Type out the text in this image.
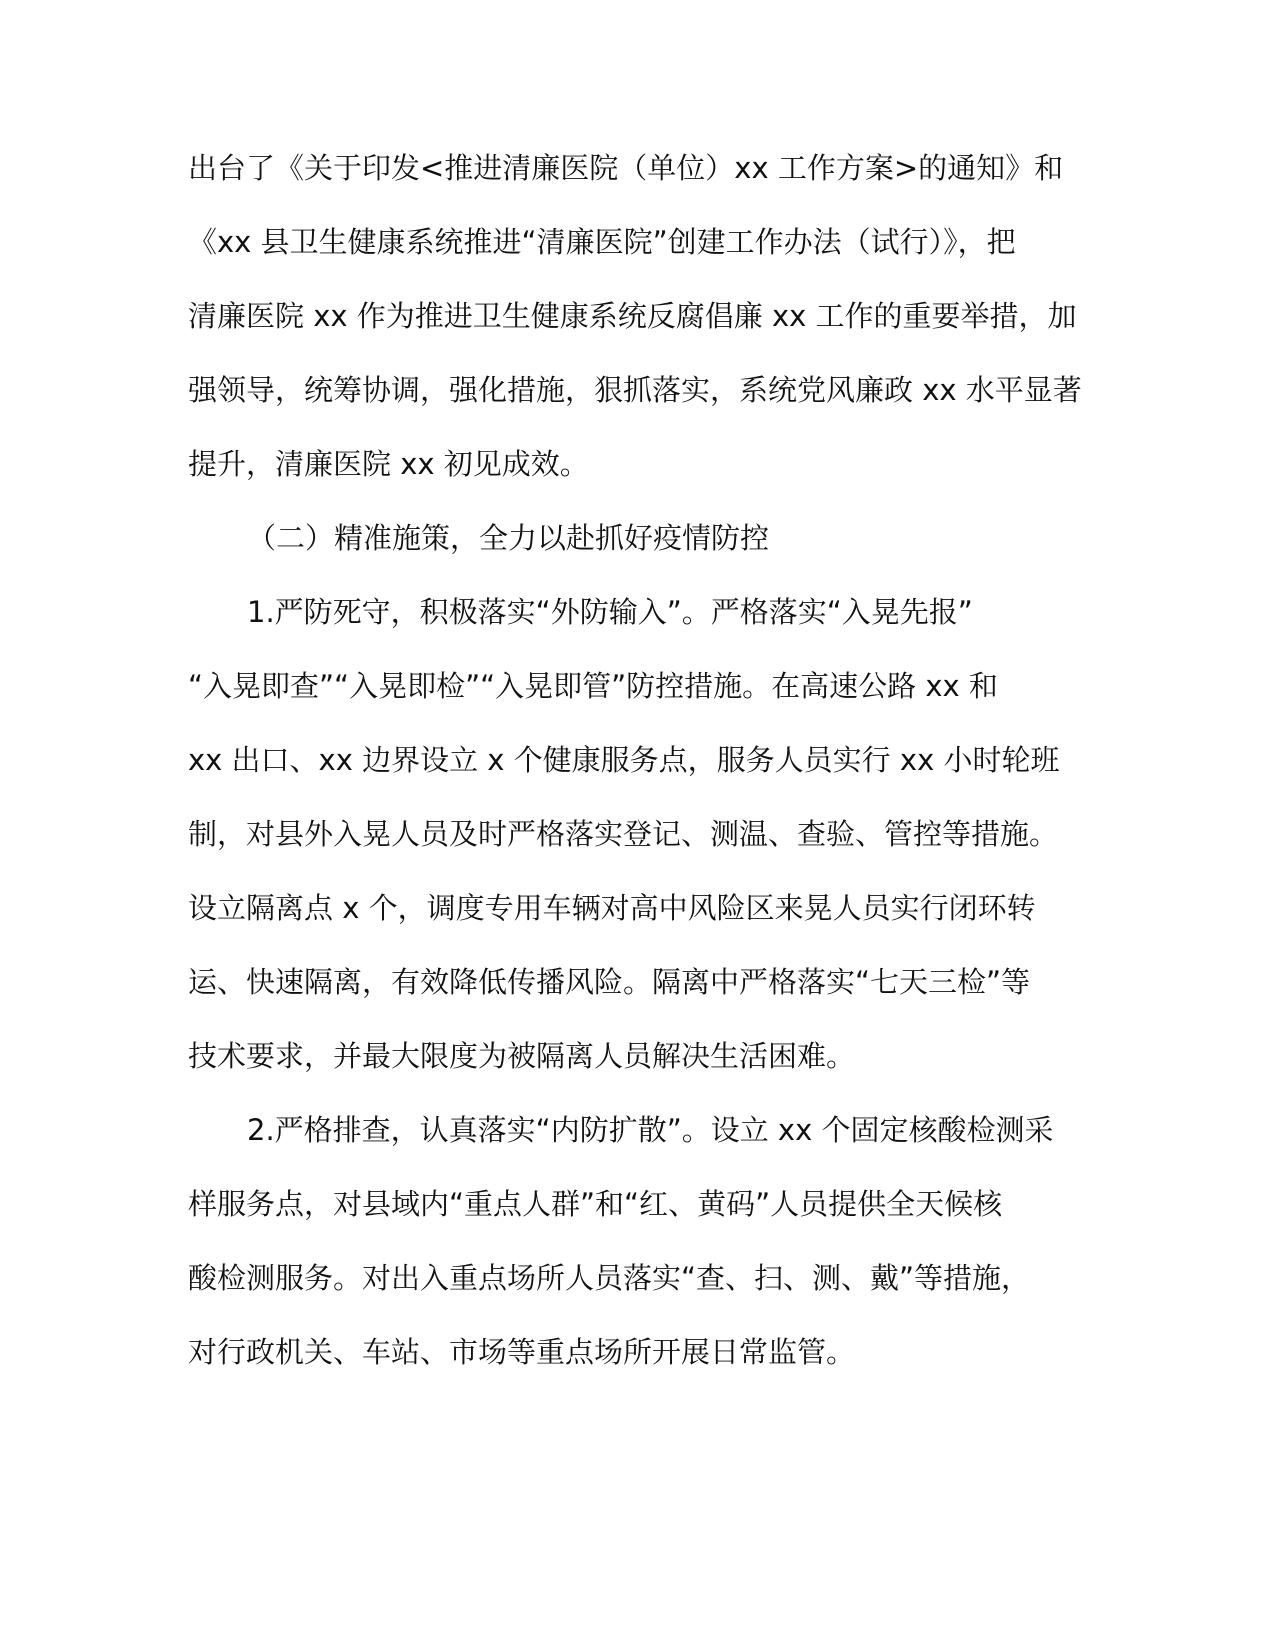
出台了《关于印发<推进清廉医院（单位）xx 工作方案>的通知》和
《xx 县卫生健康系统推进“清廉医院”创建工作办法（试行）》，把
清廉医院 xx 作为推进卫生健康系统反腐倡廉 xx 工作的重要举措，加
强领导，统筹协调，强化措施，狠抓落实，系统党风廉政 xx 水平显著
提升，清廉医院 xx 初见成效。
（二）精准施策，全力以赴抓好疫情防控
1.严防死守，积极落实“外防输入”。严格落实“入晃先报”
“入晃即查”“入晃即检”“入晃即管”防控措施。在高速公路 xx 和
xx 出口、xx 边界设立 x 个健康服务点，服务人员实行 xx 小时轮班
制，对县外入晃人员及时严格落实登记、测温、查验、管控等措施。
设立隔离点 x 个，调度专用车辆对高中风险区来晃人员实行闭环转
运、快速隔离，有效降低传播风险。隔离中严格落实“七天三检”等
技术要求，并最大限度为被隔离人员解决生活困难。
2.严格排查，认真落实“内防扩散”。设立 xx 个固定核酸检测采
样服务点，对县域内“重点人群”和“红、黄码”人员提供全天候核
酸检测服务。对出入重点场所人员落实“查、扫、测、戴”等措施，
对行政机关、车站、市场等重点场所开展日常监管。
